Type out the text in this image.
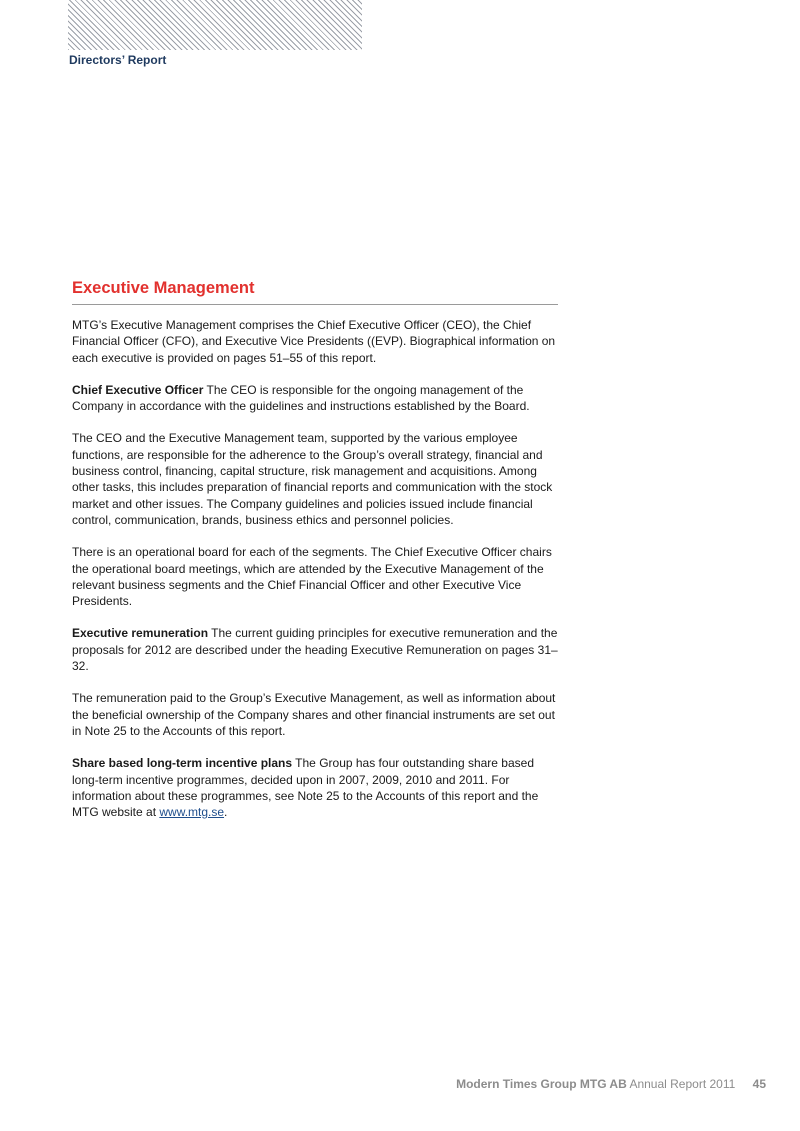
Directors’ Report
Executive Management

MTG’s Executive Management comprises the Chief Executive Officer (CEO), the Chief Financial Officer (CFO), and Executive Vice Presidents ((EVP). Biographical information on each executive is provided on pages 51–55 of this report.

Chief Executive Officer The CEO is responsible for the ongoing management of the Company in accordance with the guidelines and instructions established by the Board.

The CEO and the Executive Management team, supported by the various employee functions, are responsible for the adherence to the Group’s overall strategy, financial and business control, financing, capital structure, risk management and acquisitions. Among other tasks, this includes preparation of financial reports and communication with the stock market and other issues. The Company guidelines and policies issued include financial control, communication, brands, business ethics and personnel policies.

There is an operational board for each of the segments. The Chief Executive Officer chairs the operational board meetings, which are attended by the Executive Management of the relevant business segments and the Chief Financial Officer and other Executive Vice Presidents.

Executive remuneration The current guiding principles for executive remuneration and the proposals for 2012 are described under the heading Executive Remuneration on pages 31–32.

The remuneration paid to the Group’s Executive Management, as well as information about the beneficial ownership of the Company shares and other financial instruments are set out in Note 25 to the Accounts of this report.

Share based long-term incentive plans The Group has four outstanding share based long-term incentive programmes, decided upon in 2007, 2009, 2010 and 2011. For information about these programmes, see Note 25 to the Accounts of this report and the MTG website at www.mtg.se.

Modern Times Group MTG AB Annual Report 2011 45
